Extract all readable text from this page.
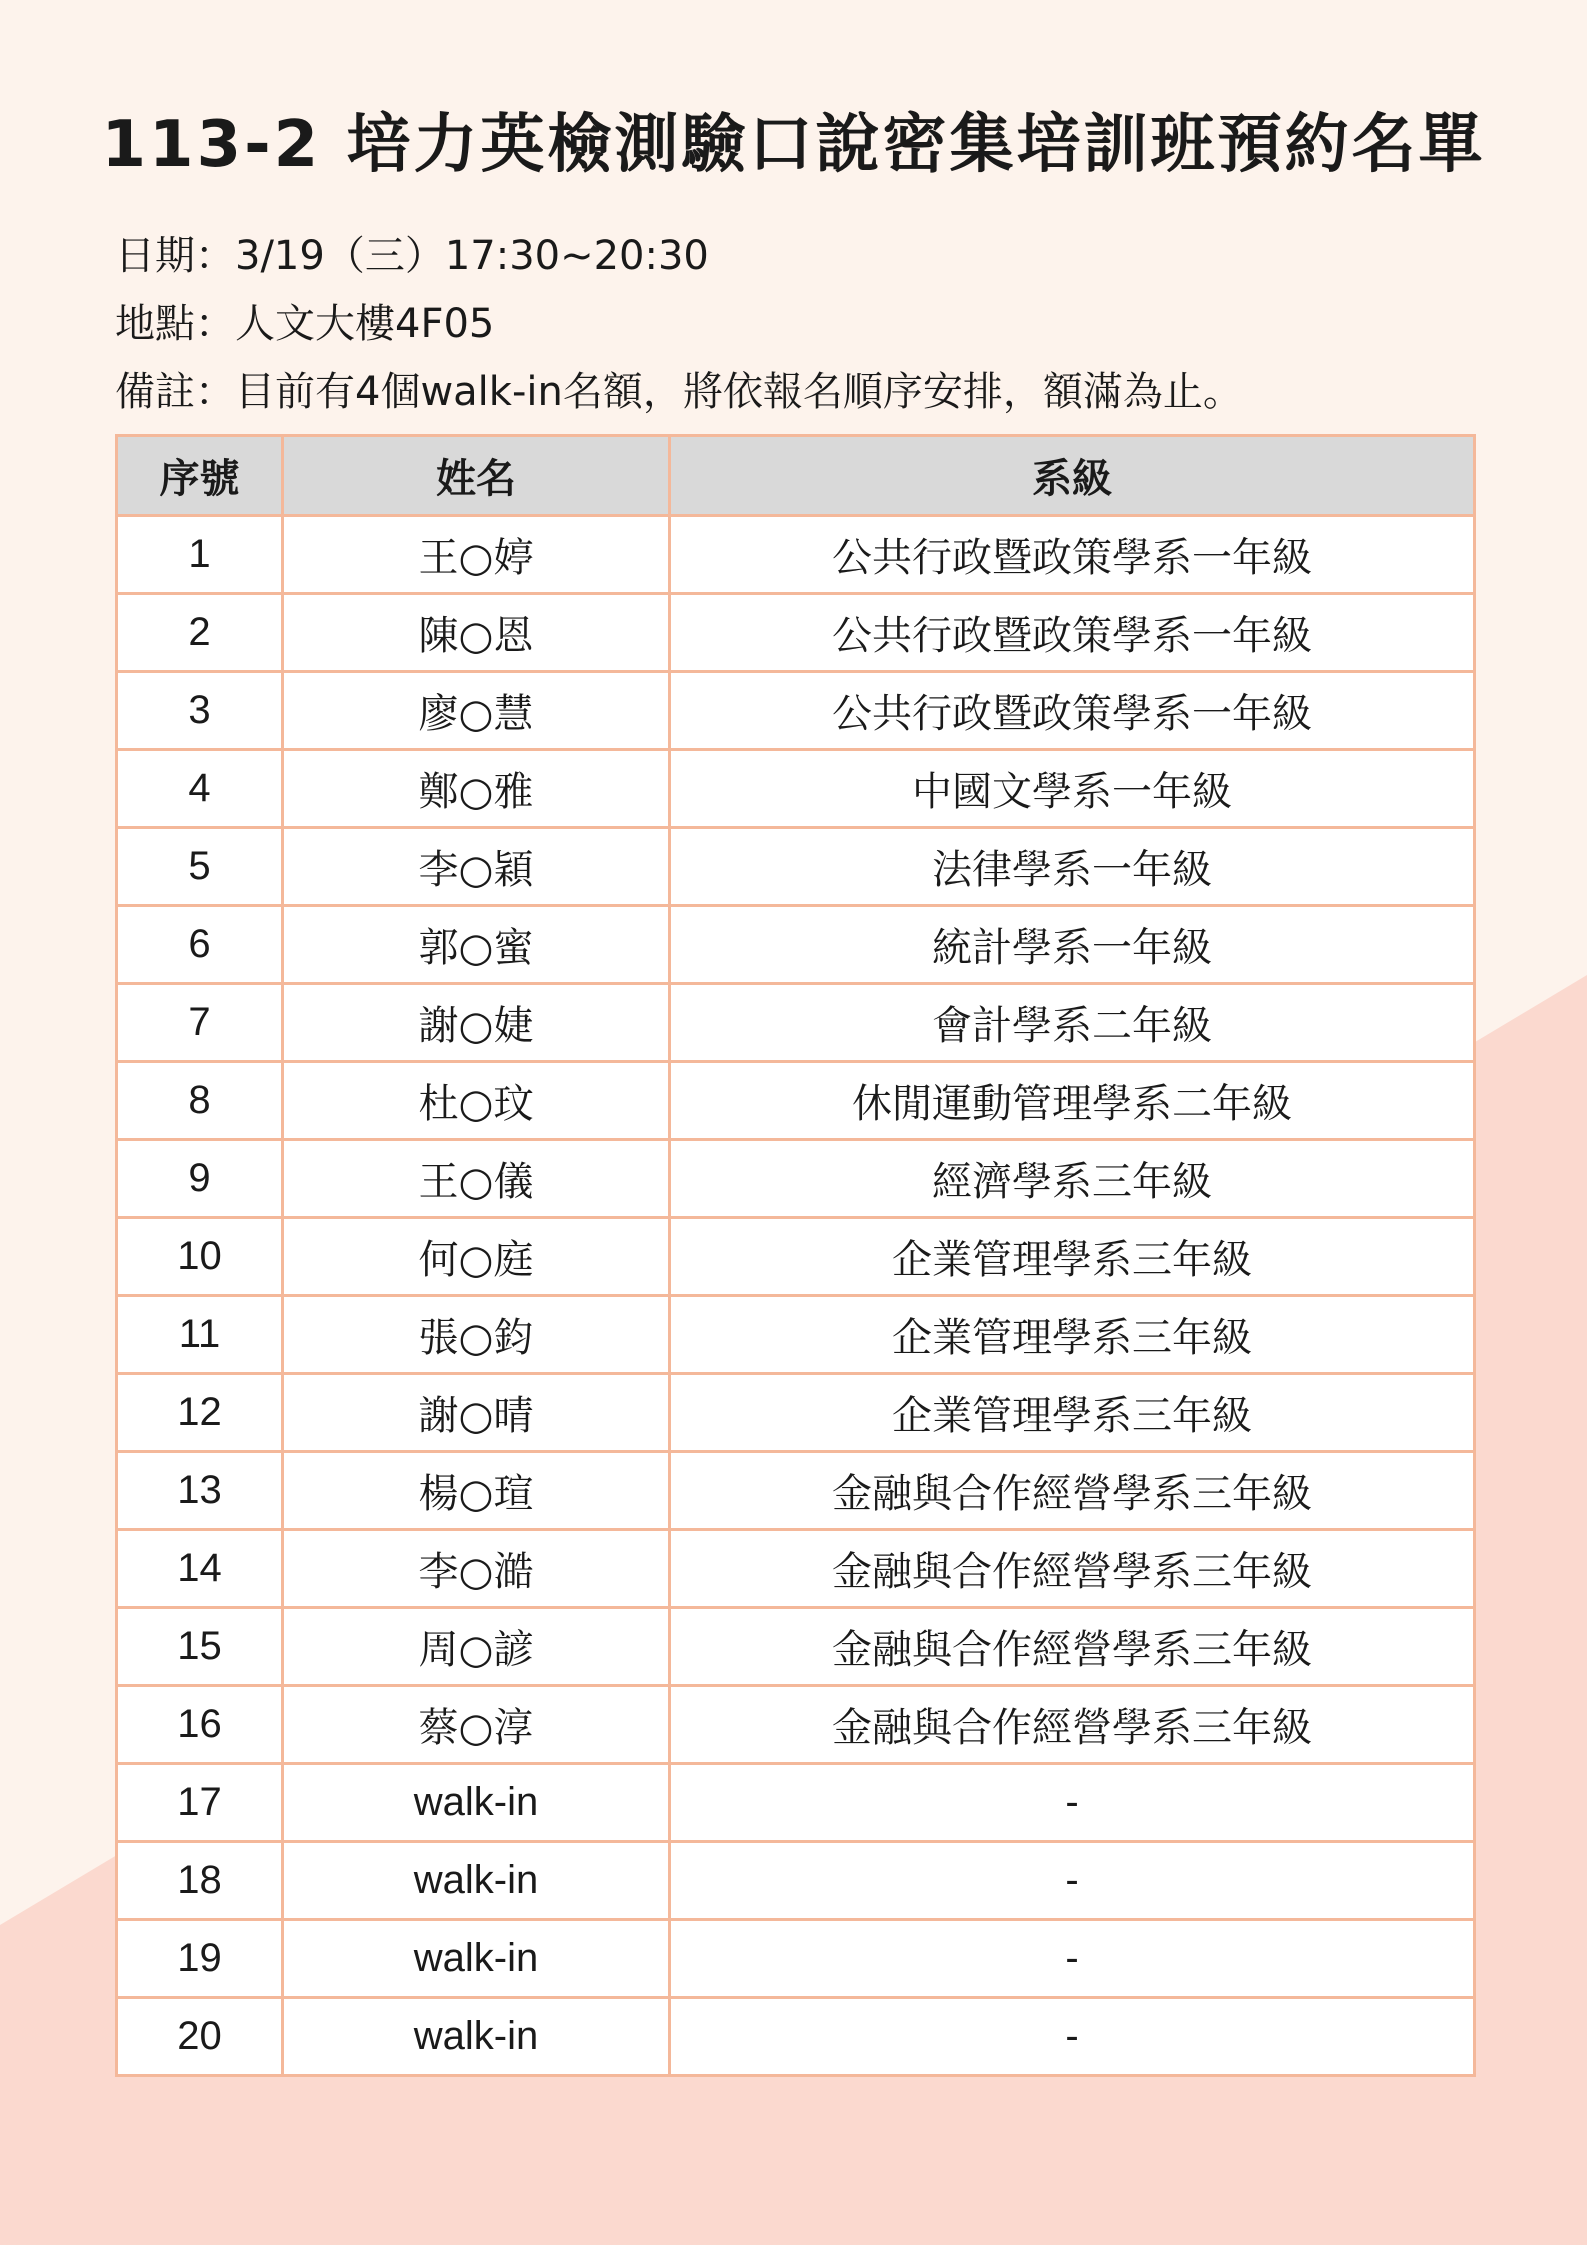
113-2 培力英檢測驗口說密集培訓班預約名單
日期：3/19（三）17:30~20:30
地點：人文大樓4F05
備註：目前有4個walk-in名額，將依報名順序安排，額滿為止。
序號	姓名	系級
1	王○婷	公共行政暨政策學系一年級
2	陳○恩	公共行政暨政策學系一年級
3	廖○慧	公共行政暨政策學系一年級
4	鄭○雅	中國文學系一年級
5	李○穎	法律學系一年級
6	郭○蜜	統計學系一年級
7	謝○婕	會計學系二年級
8	杜○玟	休閒運動管理學系二年級
9	王○儀	經濟學系三年級
10	何○庭	企業管理學系三年級
11	張○鈞	企業管理學系三年級
12	謝○晴	企業管理學系三年級
13	楊○瑄	金融與合作經營學系三年級
14	李○澔	金融與合作經營學系三年級
15	周○諺	金融與合作經營學系三年級
16	蔡○淳	金融與合作經營學系三年級
17	walk-in	-
18	walk-in	-
19	walk-in	-
20	walk-in	-
